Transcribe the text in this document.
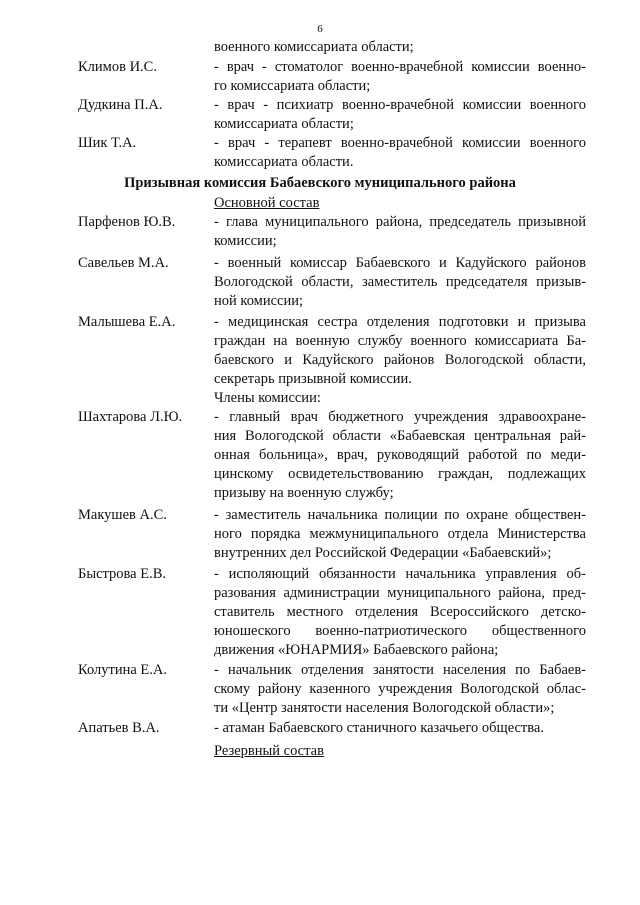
6
военного комиссариата области;
Климов И.С.	- врач - стоматолог военно-врачебной комиссии военно-
го комиссариата области;
Дудкина П.А.	- врач - психиатр военно-врачебной комиссии военного
комиссариата области;
Шик Т.А.	- врач - терапевт военно-врачебной комиссии военного
комиссариата области.
Призывная комиссия Бабаевского муниципального района
Основной состав
Парфенов Ю.В.	- глава муниципального района, председатель призывной
комиссии;
Савельев М.А.	- военный комиссар Бабаевского и Кадуйского районов
Вологодской области, заместитель председателя призыв-
ной комиссии;
Малышева Е.А.	- медицинская сестра отделения подготовки и призыва
граждан на военную службу военного комиссариата Ба-
баевского и Кадуйского районов Вологодской области,
секретарь призывной комиссии.
Члены комиссии:
Шахтарова Л.Ю. - главный врач бюджетного учреждения здравоохране-
ния Вологодской области «Бабаевская центральная рай-
онная больница», врач, руководящий работой по меди-
цинскому освидетельствованию граждан, подлежащих
призыву на военную службу;
Макушев А.С.	- заместитель начальника полиции по охране обществен-
ного порядка межмуниципального отдела Министерства
внутренних дел Российской Федерации «Бабаевский»;
Быстрова Е.В.	- исполяющий обязанности начальника управления об-
разования администрации муниципального района, пред-
ставитель местного отделения Всероссийского детско-
юношеского военно-патриотического общественного
движения «ЮНАРМИЯ» Бабаевского района;
Колутина Е.А.	- начальник отделения занятости населения по Бабаев-
скому району казенного учреждения Вологодской облас-
ти «Центр занятости населения Вологодской области»;
Апатьев В.А.	- атаман Бабаевского станичного казачьего общества.
Резервный состав
